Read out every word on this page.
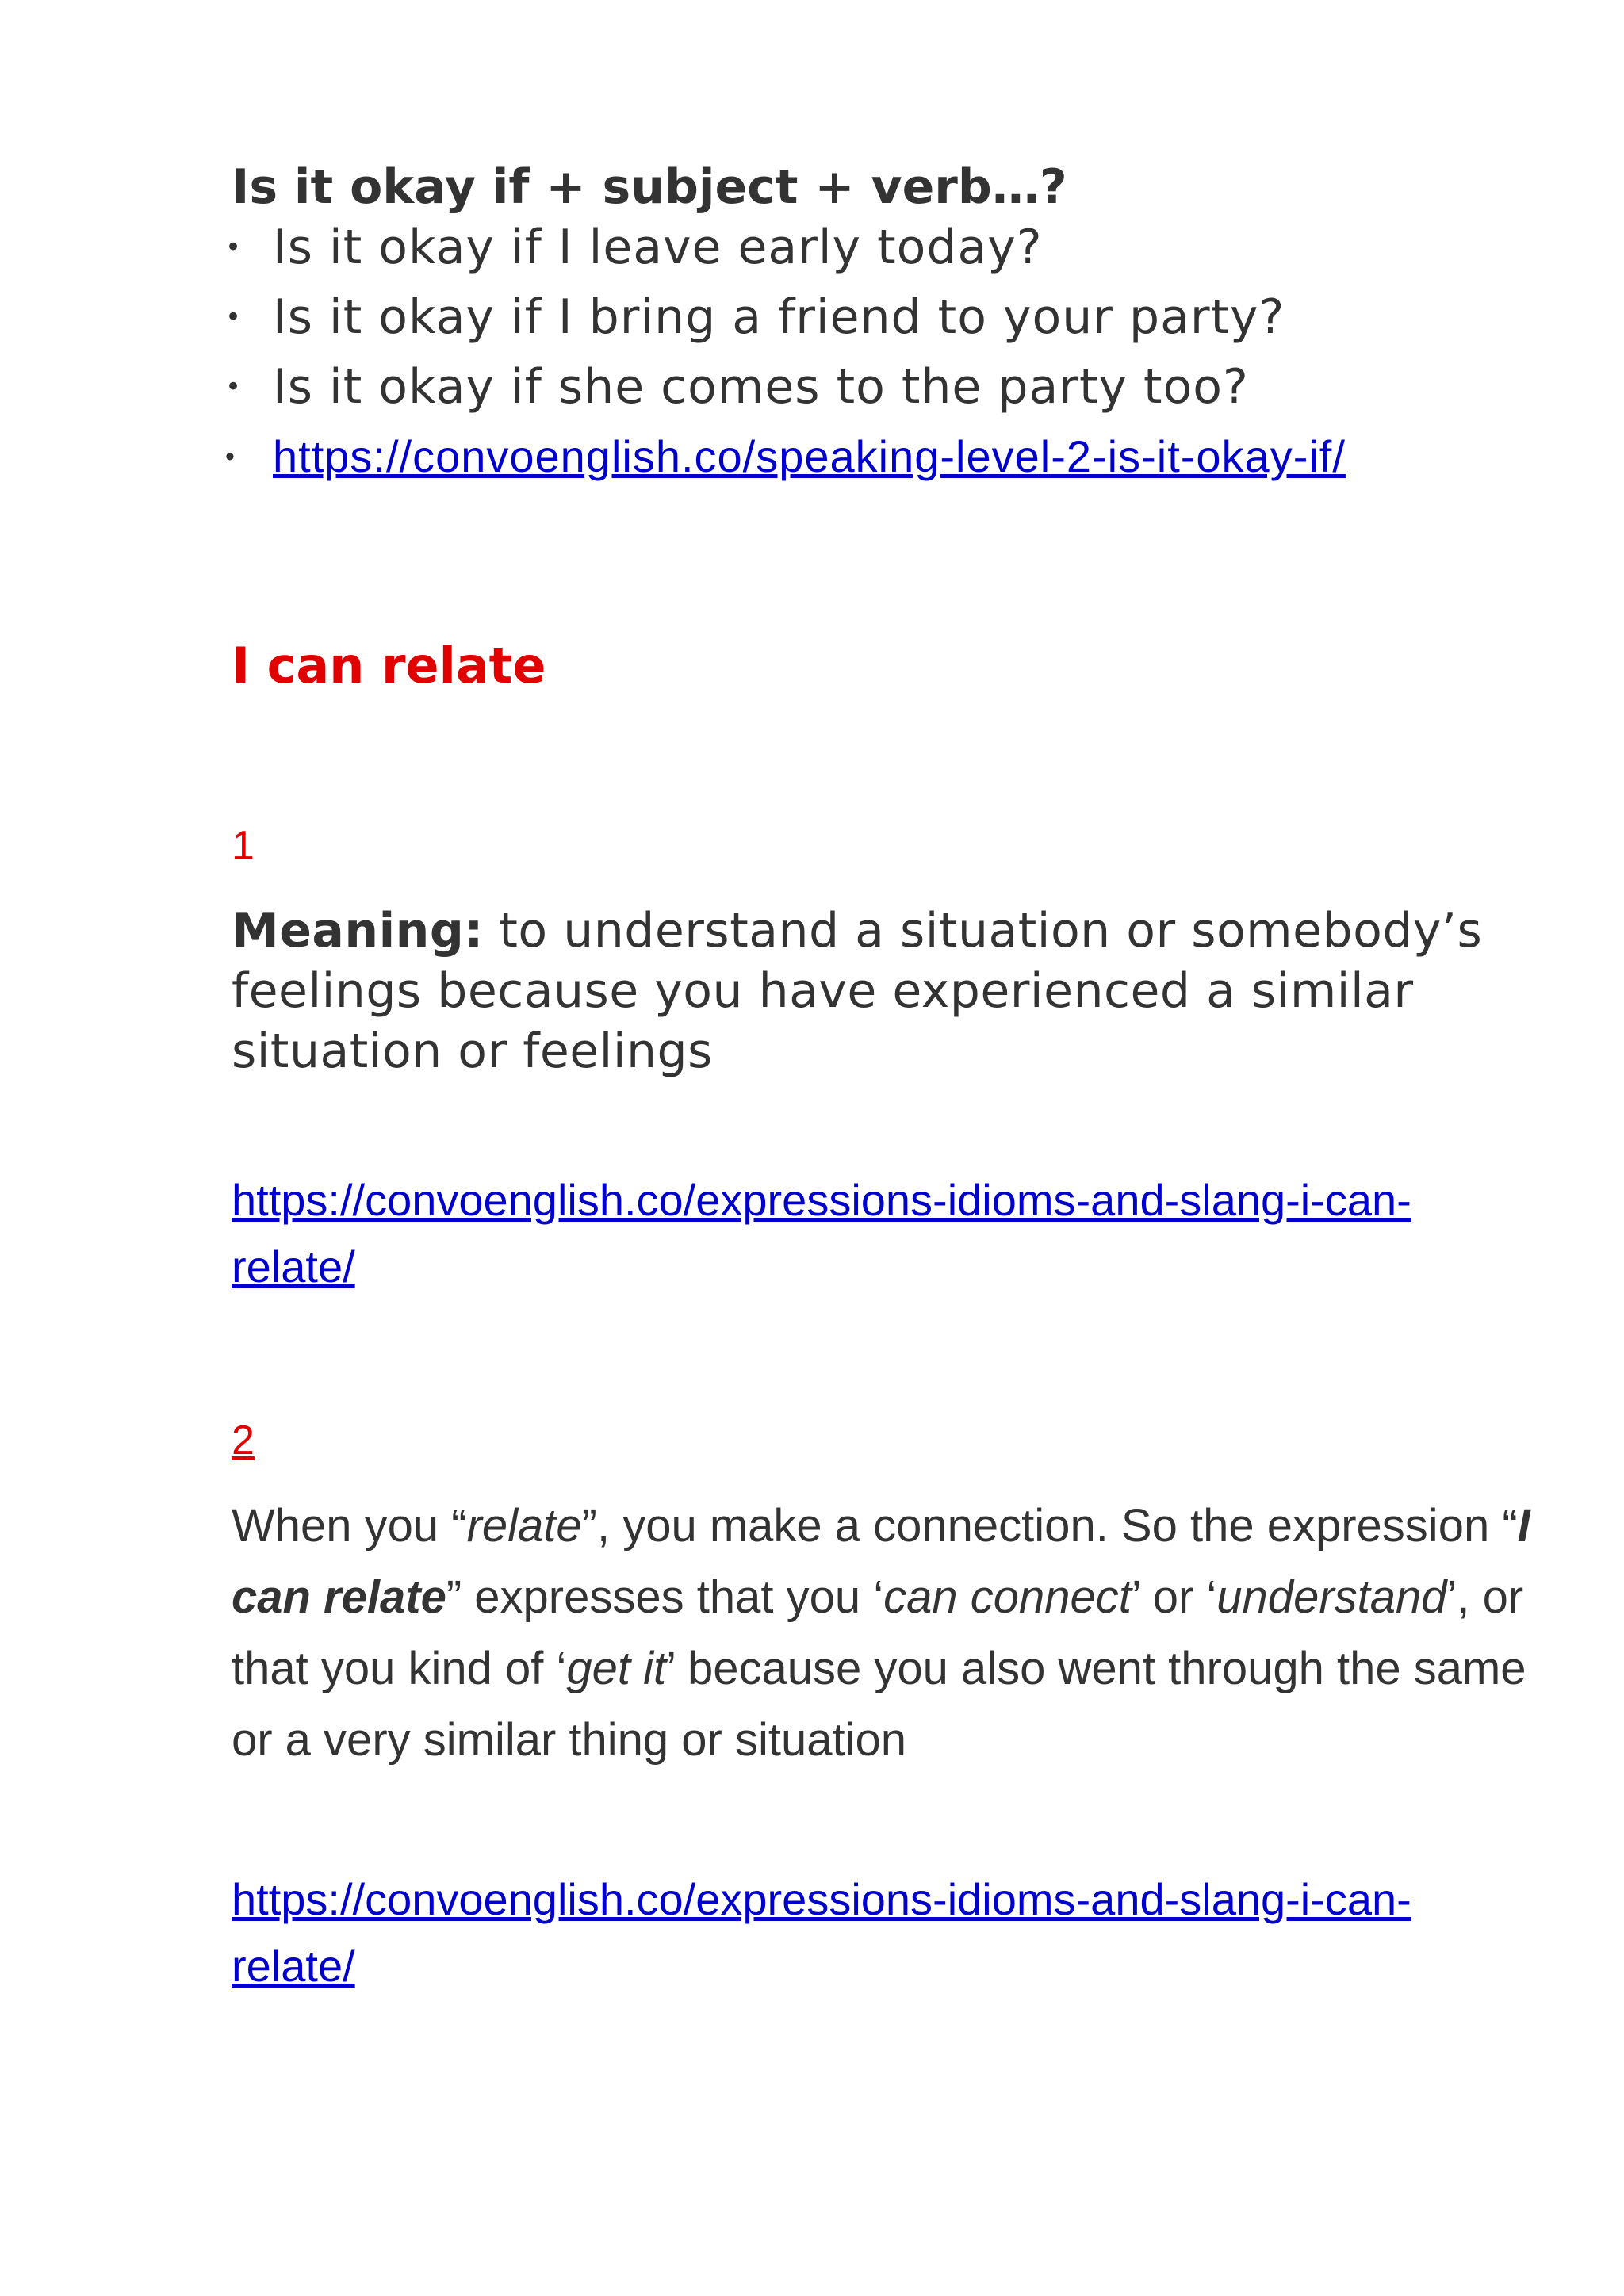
Is it okay if + subject + verb…?
• Is it okay if I leave early today?
• Is it okay if I bring a friend to your party?
• Is it okay if she comes to the party too?
• https://convoenglish.co/speaking-level-2-is-it-okay-if/
I can relate
1

Meaning: to understand a situation or somebody’s feelings because you have experienced a similar situation or feelings

https://convoenglish.co/expressions-idioms-and-slang-i-can-relate/

2

When you “relate”, you make a connection. So the expression “I can relate” expresses that you ‘can connect’ or ‘understand’, or that you kind of ‘get it’ because you also went through the same or a very similar thing or situation

https://convoenglish.co/expressions-idioms-and-slang-i-can-relate/
